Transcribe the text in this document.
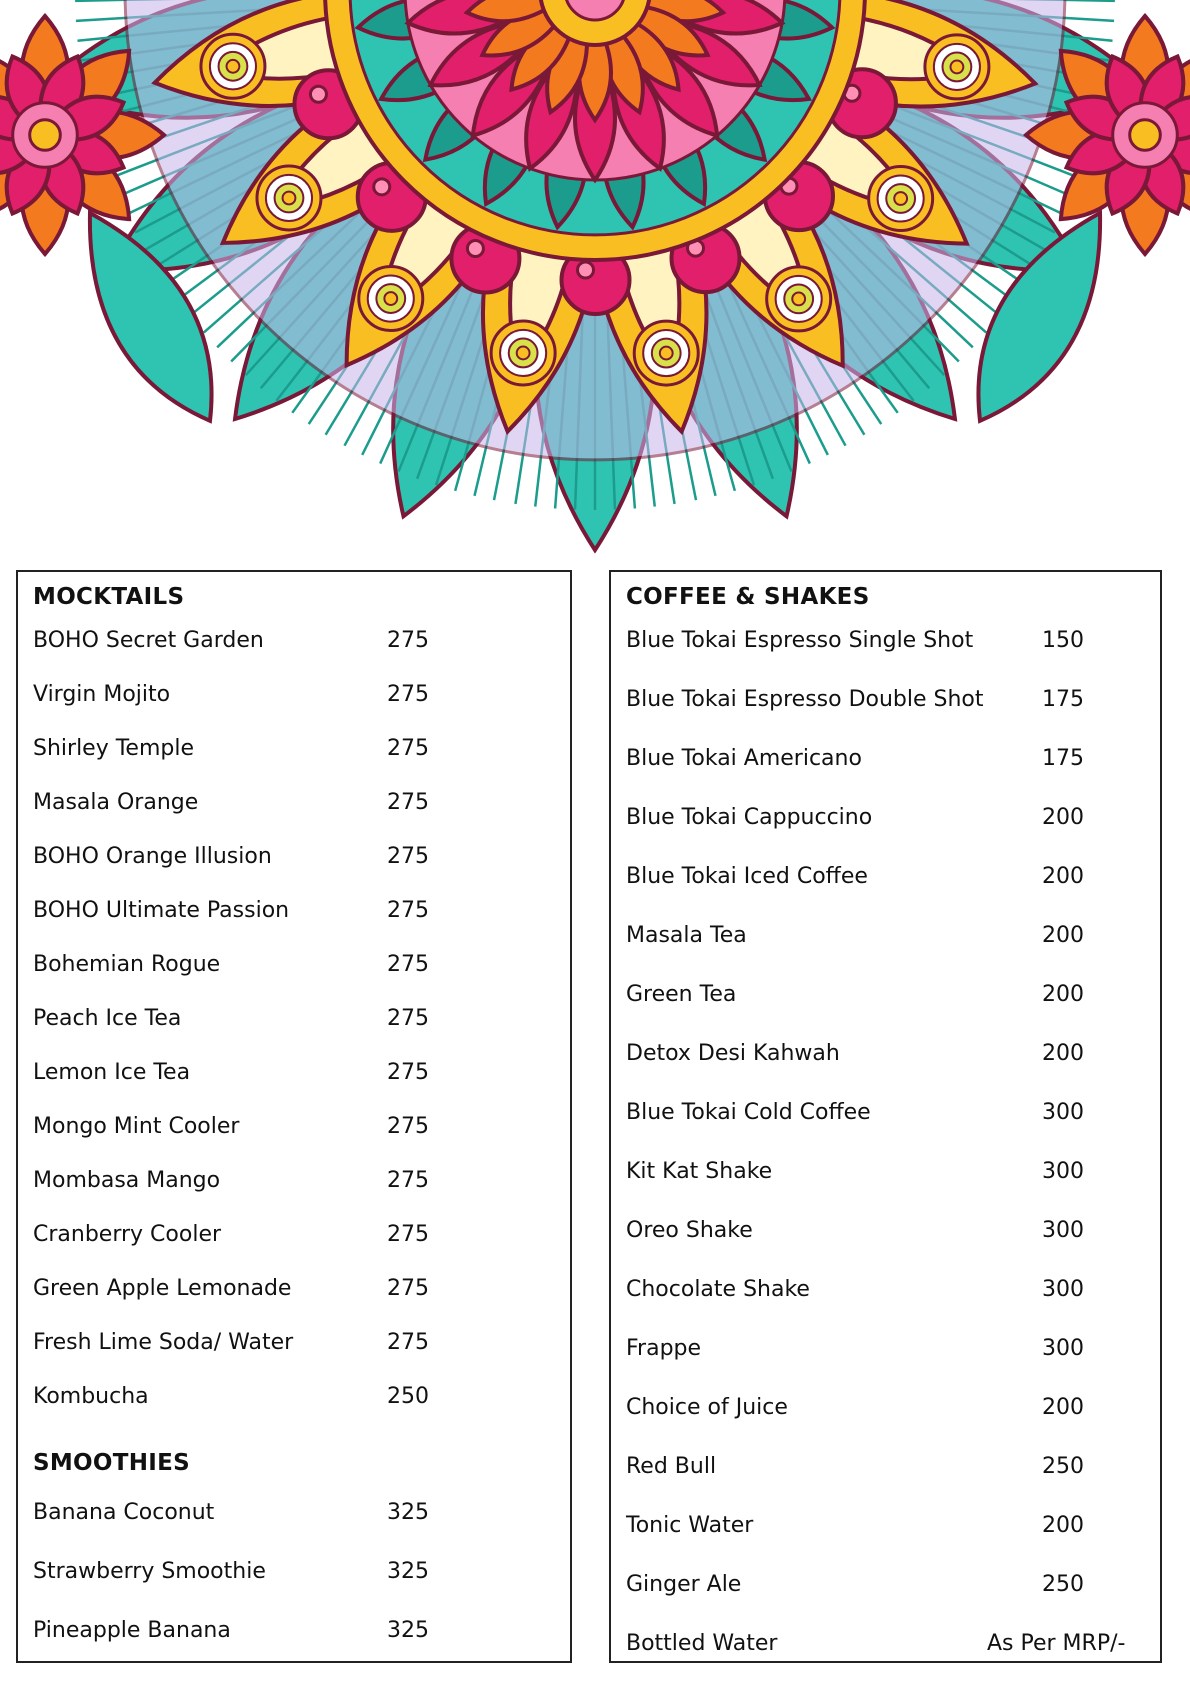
MOCKTAILS
BOHO Secret Garden	275
Virgin Mojito	275
Shirley Temple	275
Masala Orange	275
BOHO Orange Illusion	275
BOHO Ultimate Passion	275
Bohemian Rogue	275
Peach Ice Tea	275
Lemon Ice Tea	275
Mongo Mint Cooler	275
Mombasa Mango	275
Cranberry Cooler	275
Green Apple Lemonade	275
Fresh Lime Soda/ Water	275
Kombucha	250
SMOOTHIES
Banana Coconut	325
Strawberry Smoothie	325
Pineapple Banana	325
COFFEE & SHAKES
Blue Tokai Espresso Single Shot	150
Blue Tokai Espresso Double Shot	175
Blue Tokai Americano	175
Blue Tokai Cappuccino	200
Blue Tokai Iced Coffee	200
Masala Tea	200
Green Tea	200
Detox Desi Kahwah	200
Blue Tokai Cold Coffee	300
Kit Kat Shake	300
Oreo Shake	300
Chocolate Shake	300
Frappe	300
Choice of Juice	200
Red Bull	250
Tonic Water	200
Ginger Ale	250
Bottled Water	As Per MRP/-
